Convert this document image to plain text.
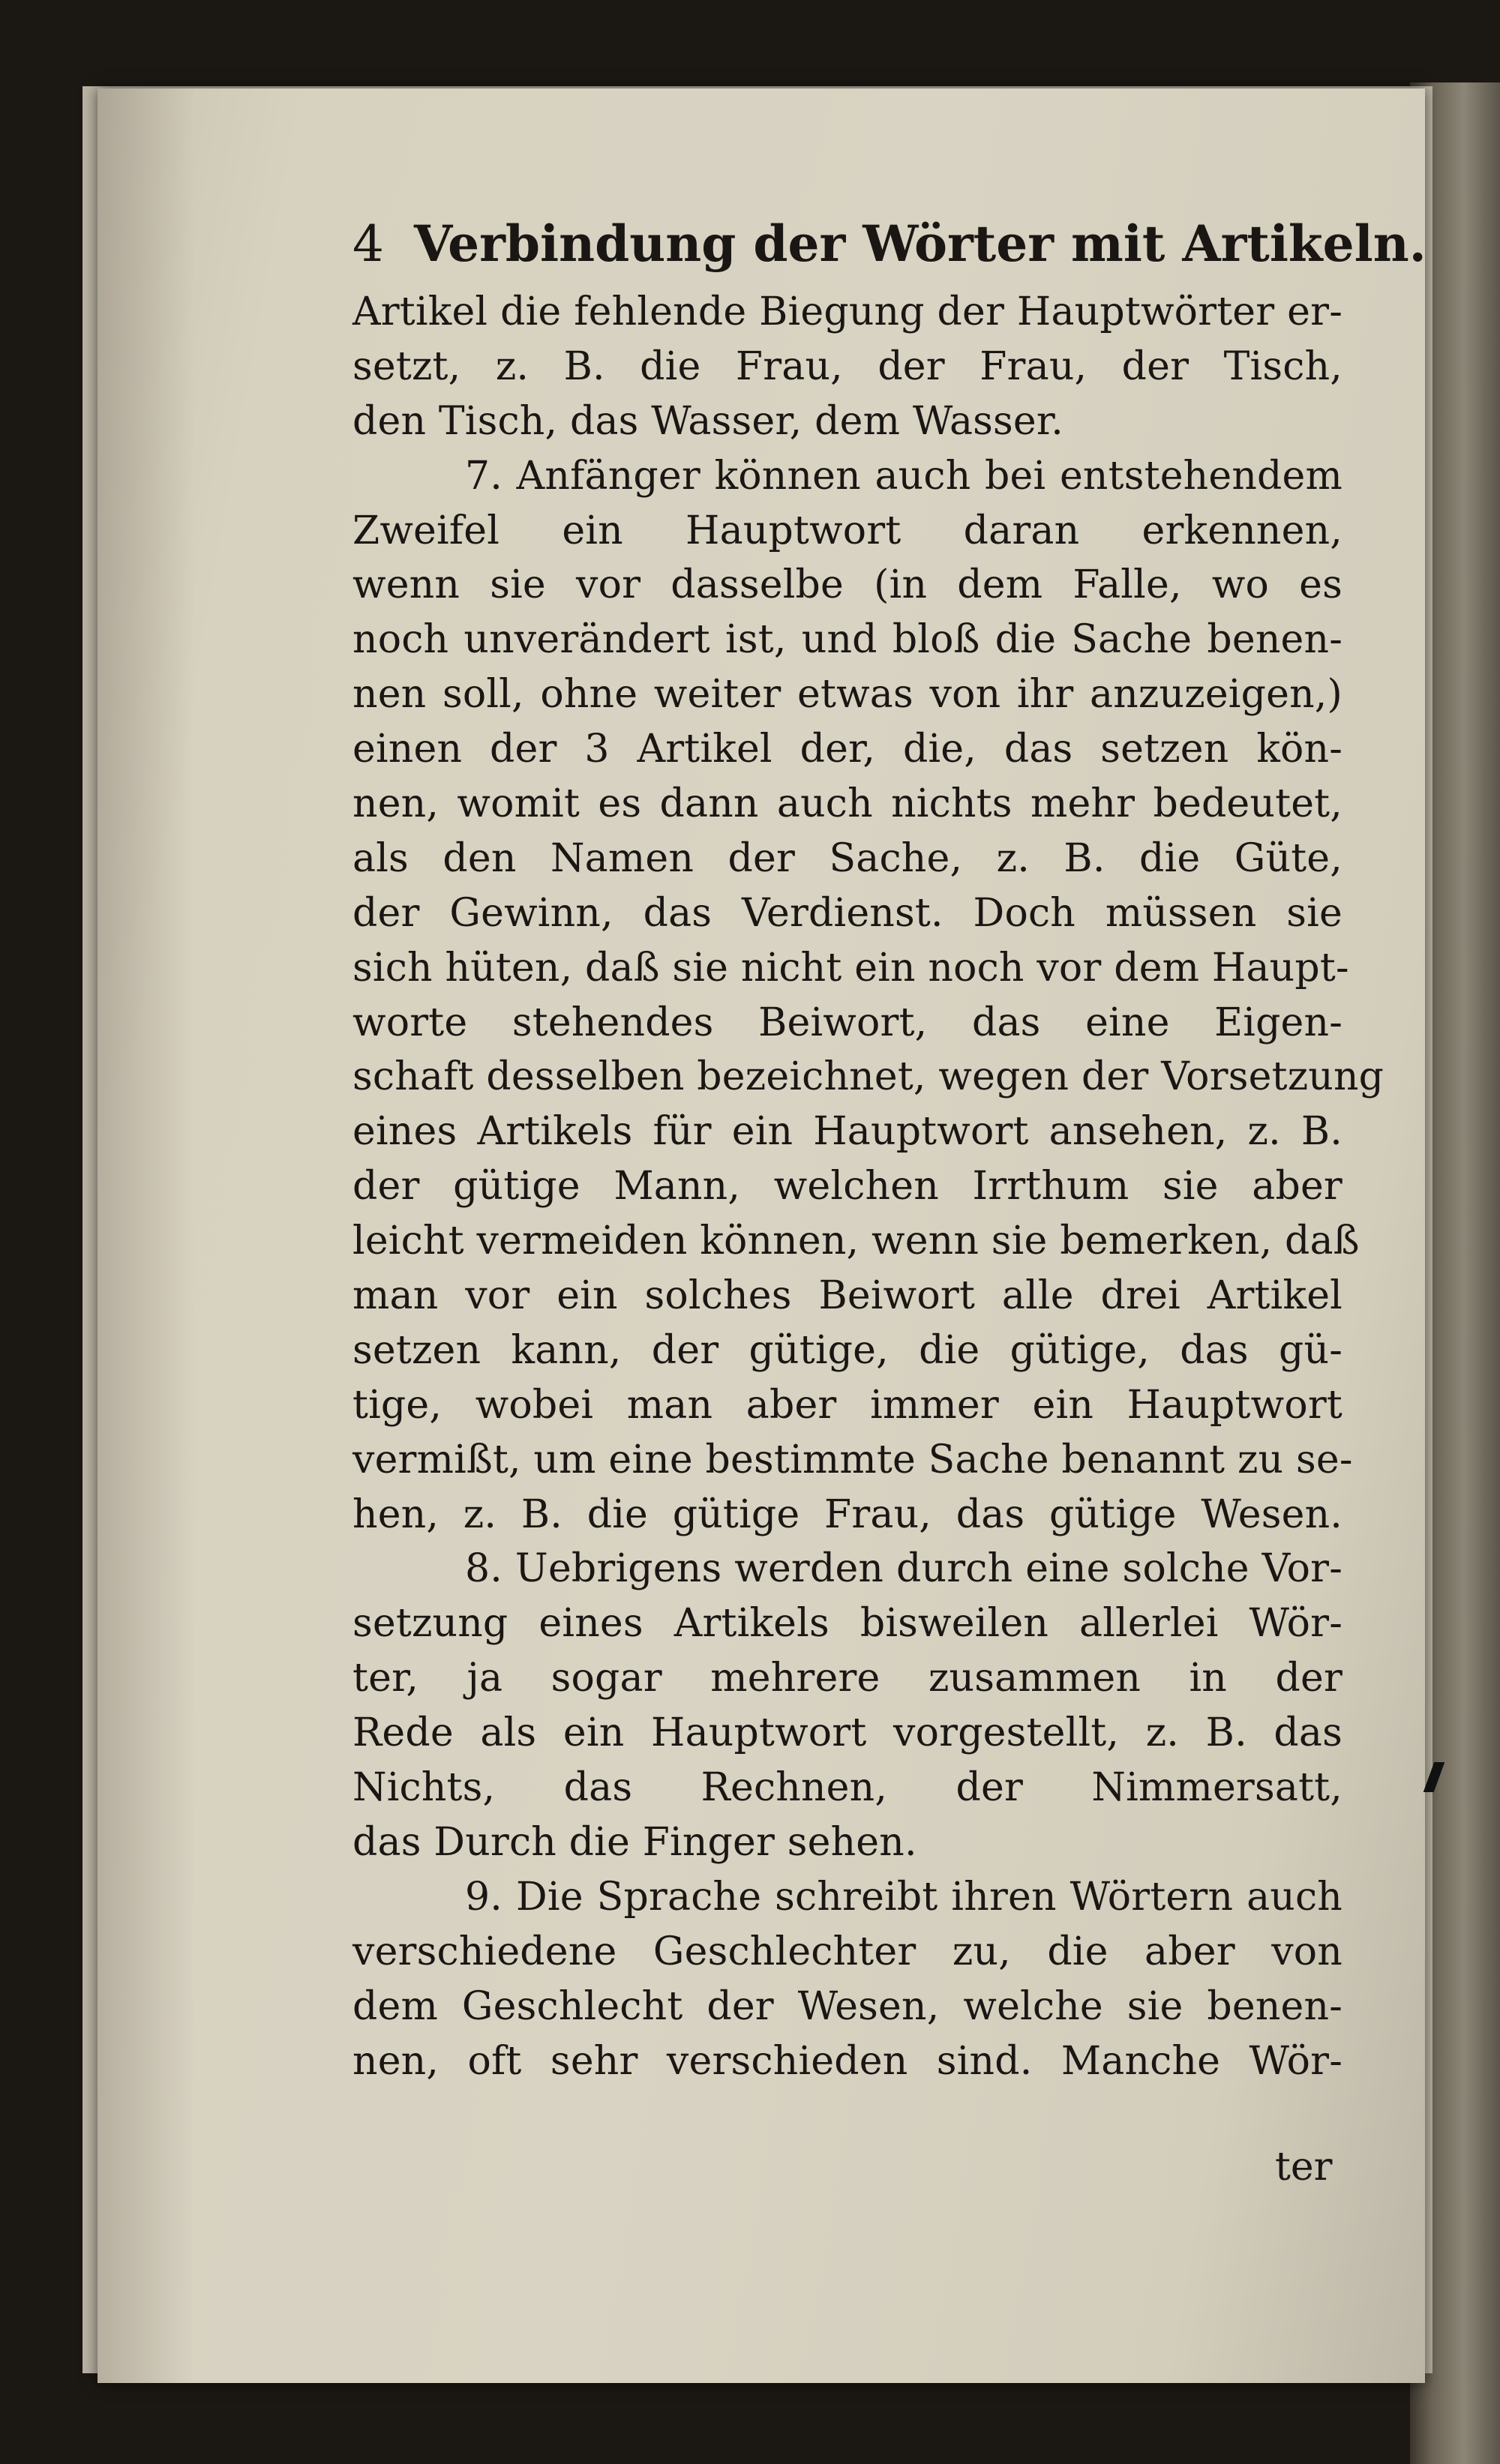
4 Verbindung der Wörter mit Artikeln.
Artikel die fehlende Biegung der Hauptwörter er-
setzt, z. B. die Frau, der Frau, der Tisch,
den Tisch, das Wasser, dem Wasser.
7. Anfänger können auch bei entstehendem
Zweifel ein Hauptwort daran erkennen,
wenn sie vor dasselbe (in dem Falle, wo es
noch unverändert ist, und bloß die Sache benen-
nen soll, ohne weiter etwas von ihr anzuzeigen,)
einen der 3 Artikel der, die, das setzen kön-
nen, womit es dann auch nichts mehr bedeutet,
als den Namen der Sache, z. B. die Güte,
der Gewinn, das Verdienst. Doch müssen sie
sich hüten, daß sie nicht ein noch vor dem Haupt-
worte stehendes Beiwort, das eine Eigen-
schaft desselben bezeichnet, wegen der Vorsetzung
eines Artikels für ein Hauptwort ansehen, z. B.
der gütige Mann, welchen Irrthum sie aber
leicht vermeiden können, wenn sie bemerken, daß
man vor ein solches Beiwort alle drei Artikel
setzen kann, der gütige, die gütige, das gü-
tige, wobei man aber immer ein Hauptwort
vermißt, um eine bestimmte Sache benannt zu se-
hen, z. B. die gütige Frau, das gütige Wesen.
8. Uebrigens werden durch eine solche Vor-
setzung eines Artikels bisweilen allerlei Wör-
ter, ja sogar mehrere zusammen in der
Rede als ein Hauptwort vorgestellt, z. B. das
Nichts, das Rechnen, der Nimmersatt,
das Durch die Finger sehen.
9. Die Sprache schreibt ihren Wörtern auch
verschiedene Geschlechter zu, die aber von
dem Geschlecht der Wesen, welche sie benen-
nen, oft sehr verschieden sind. Manche Wör-
ter
